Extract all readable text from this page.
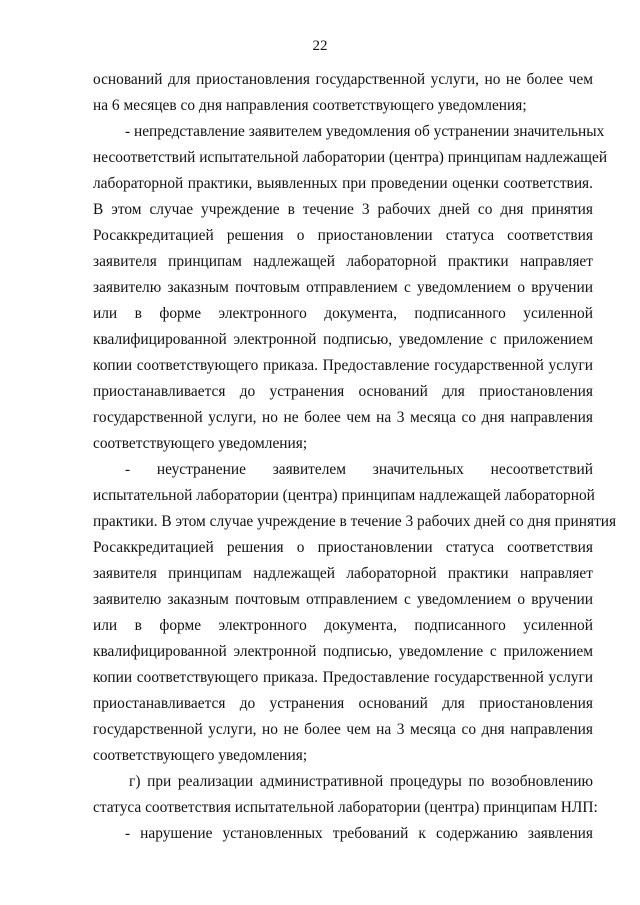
22
оснований для приостановления государственной услуги, но не более чем
на 6 месяцев со дня направления соответствующего уведомления;
- непредставление заявителем уведомления об устранении значительных
несоответствий испытательной лаборатории (центра) принципам надлежащей
лабораторной практики, выявленных при проведении оценки соответствия.
В этом случае учреждение в течение 3 рабочих дней со дня принятия
Росаккредитацией решения о приостановлении статуса соответствия
заявителя принципам надлежащей лабораторной практики направляет
заявителю заказным почтовым отправлением с уведомлением о вручении
или в форме электронного документа, подписанного усиленной
квалифицированной электронной подписью, уведомление с приложением
копии соответствующего приказа. Предоставление государственной услуги
приостанавливается до устранения оснований для приостановления
государственной услуги, но не более чем на 3 месяца со дня направления
соответствующего уведомления;
- неустранение заявителем значительных несоответствий
испытательной лаборатории (центра) принципам надлежащей лабораторной
практики. В этом случае учреждение в течение 3 рабочих дней со дня принятия
Росаккредитацией решения о приостановлении статуса соответствия
заявителя принципам надлежащей лабораторной практики направляет
заявителю заказным почтовым отправлением с уведомлением о вручении
или в форме электронного документа, подписанного усиленной
квалифицированной электронной подписью, уведомление с приложением
копии соответствующего приказа. Предоставление государственной услуги
приостанавливается до устранения оснований для приостановления
государственной услуги, но не более чем на 3 месяца со дня направления
соответствующего уведомления;
г) при реализации административной процедуры по возобновлению
статуса соответствия испытательной лаборатории (центра) принципам НЛП:
- нарушение установленных требований к содержанию заявления
